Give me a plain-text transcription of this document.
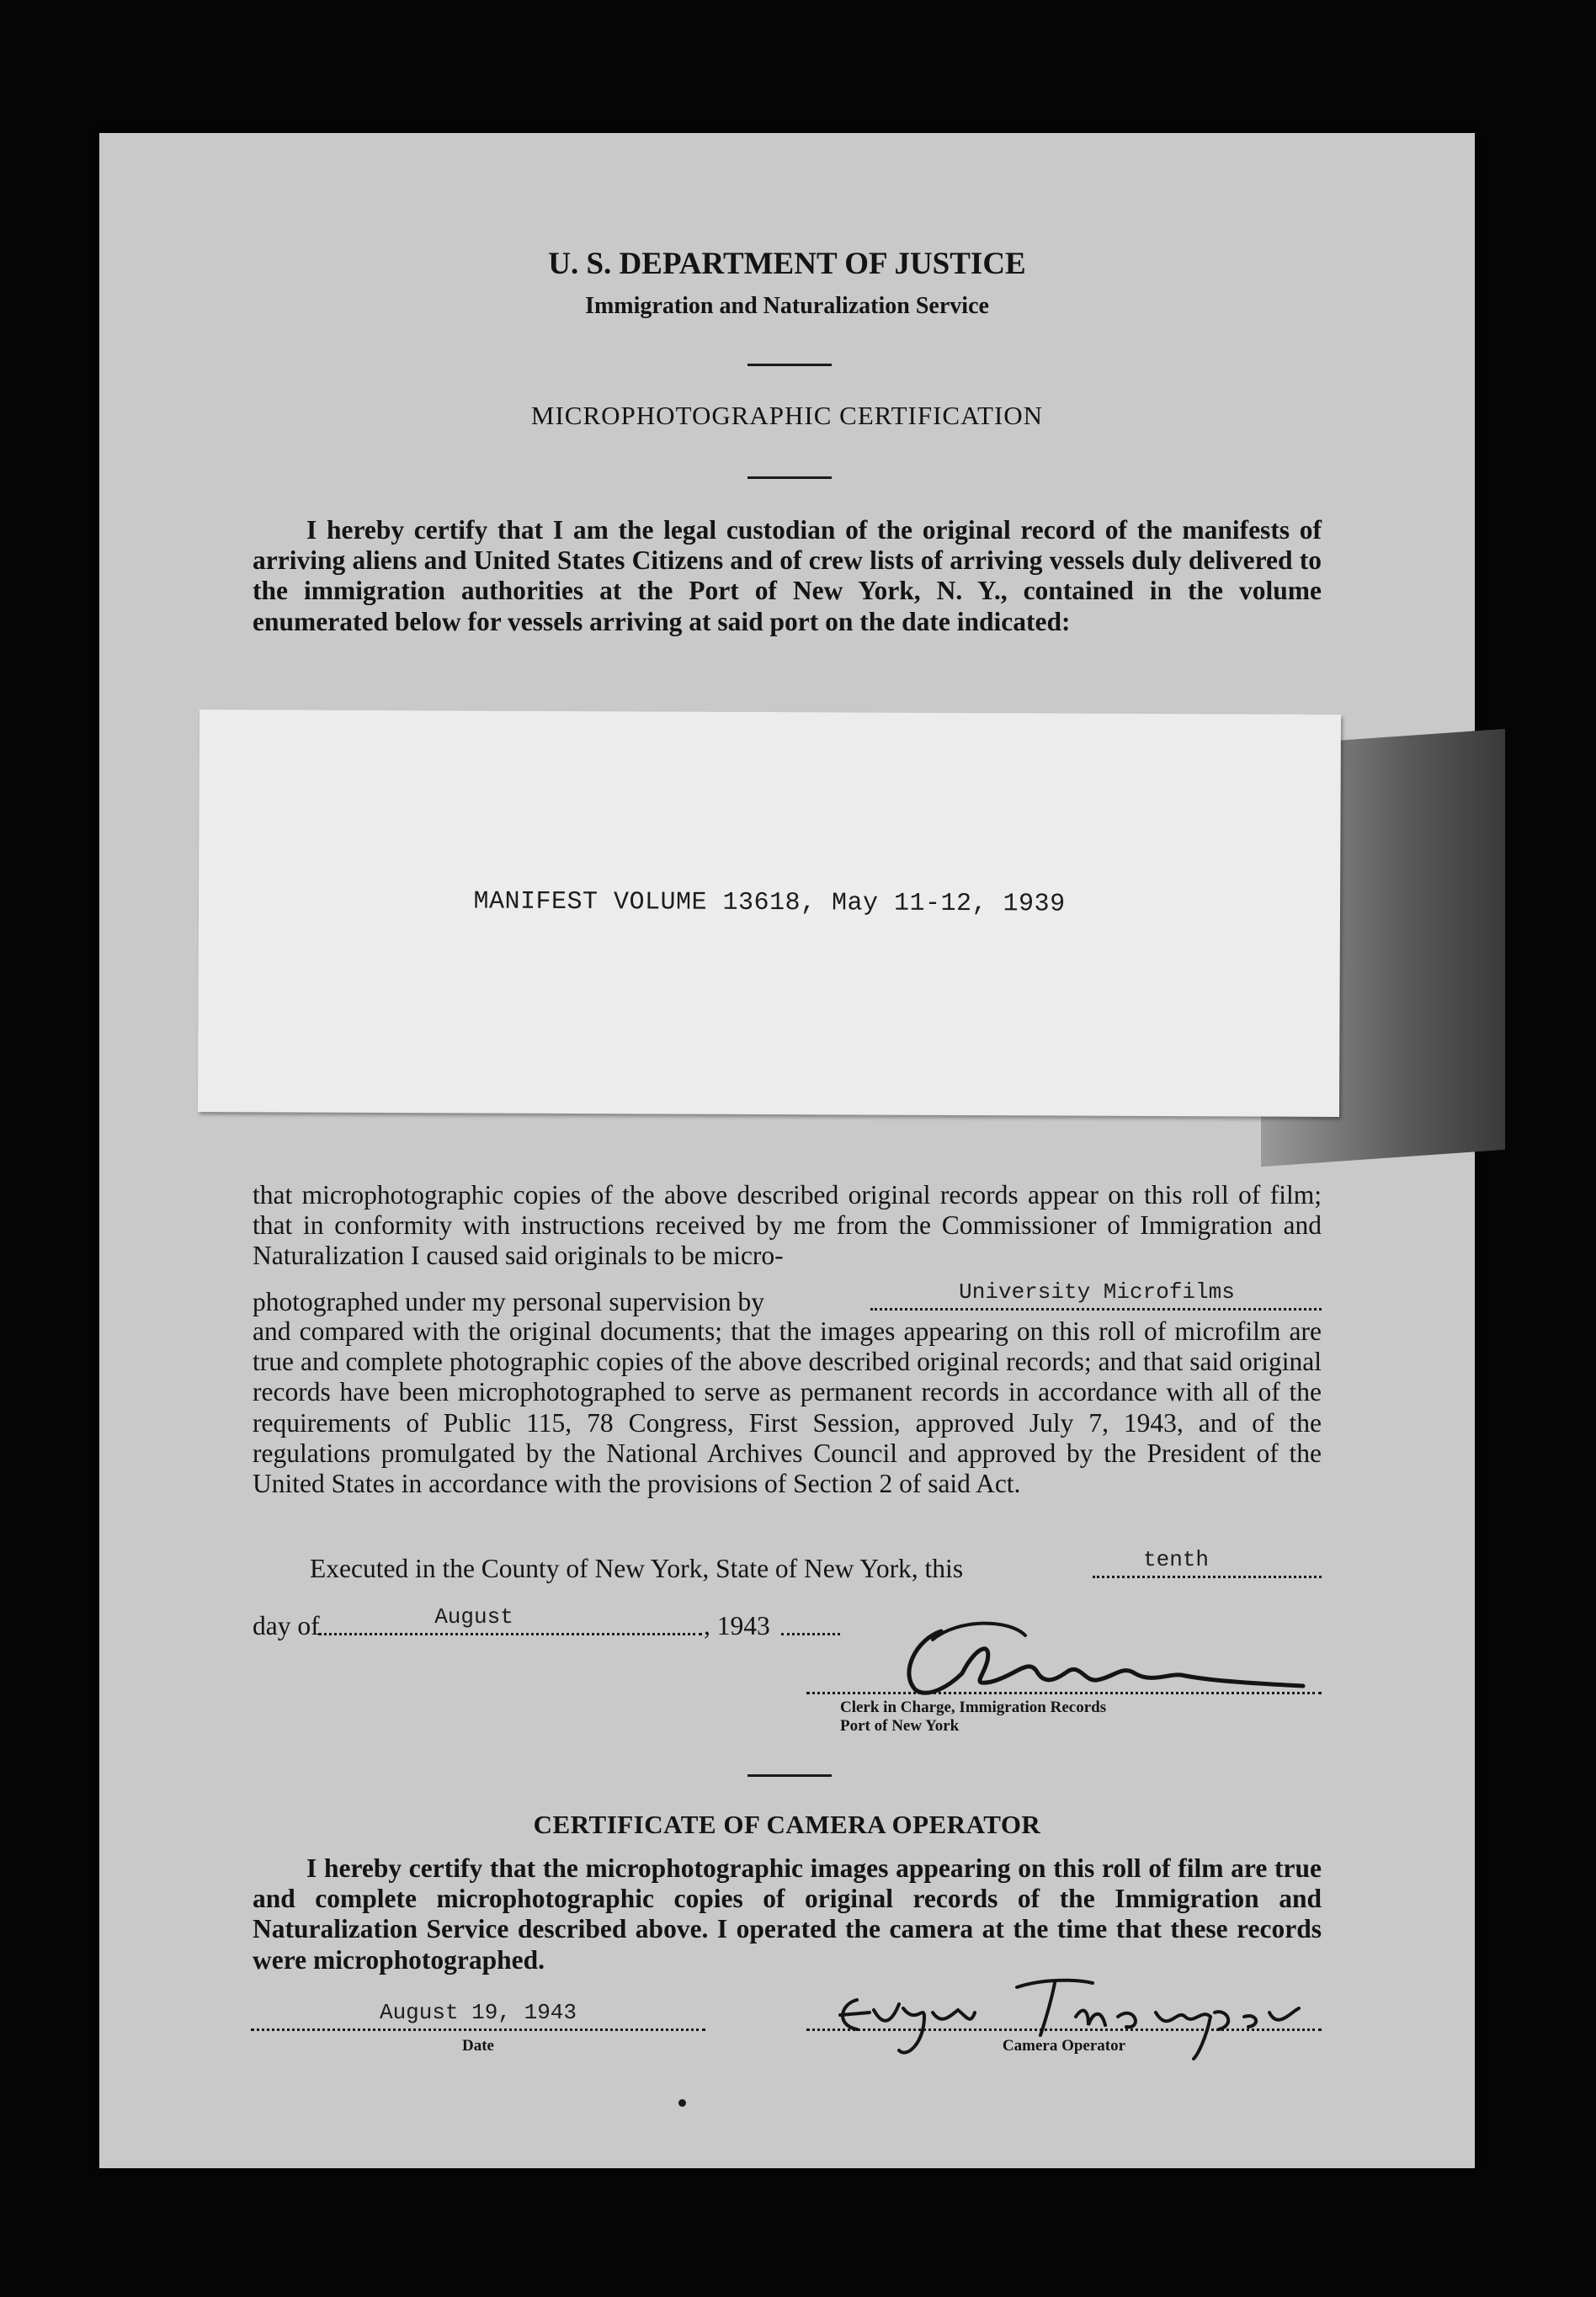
U. S. DEPARTMENT OF JUSTICE
Immigration and Naturalization Service
MICROPHOTOGRAPHIC CERTIFICATION
I hereby certify that I am the legal custodian of the original record of the manifests of arriving aliens and United States Citizens and of crew lists of arriving vessels duly delivered to the immigration authorities at the Port of New York, N. Y., contained in the volume enumerated below for vessels arriving at said port on the date indicated:
MANIFEST VOLUME 13618, May 11-12, 1939
that microphotographic copies of the above described original records appear on this roll of film; that in conformity with instructions received by me from the Commissioner of Immigration and Naturalization I caused said originals to be micro-
photographed under my personal supervision by	University Microfilms
and compared with the original documents; that the images appearing on this roll of microfilm are true and complete photographic copies of the above described original records; and that said original records have been microphotographed to serve as permanent records in accordance with all of the requirements of Public 115, 78 Congress, First Session, approved July 7, 1943, and of the regulations promulgated by the National Archives Council and approved by the President of the United States in accordance with the provisions of Section 2 of said Act.
Executed in the County of New York, State of New York, this	tenth
day of	August	, 1943
Clerk in Charge, Immigration Records
Port of New York
CERTIFICATE OF CAMERA OPERATOR
I hereby certify that the microphotographic images appearing on this roll of film are true and complete microphotographic copies of original records of the Immigration and Naturalization Service described above. I operated the camera at the time that these records were microphotographed.
August 19, 1943
Date	Camera Operator
